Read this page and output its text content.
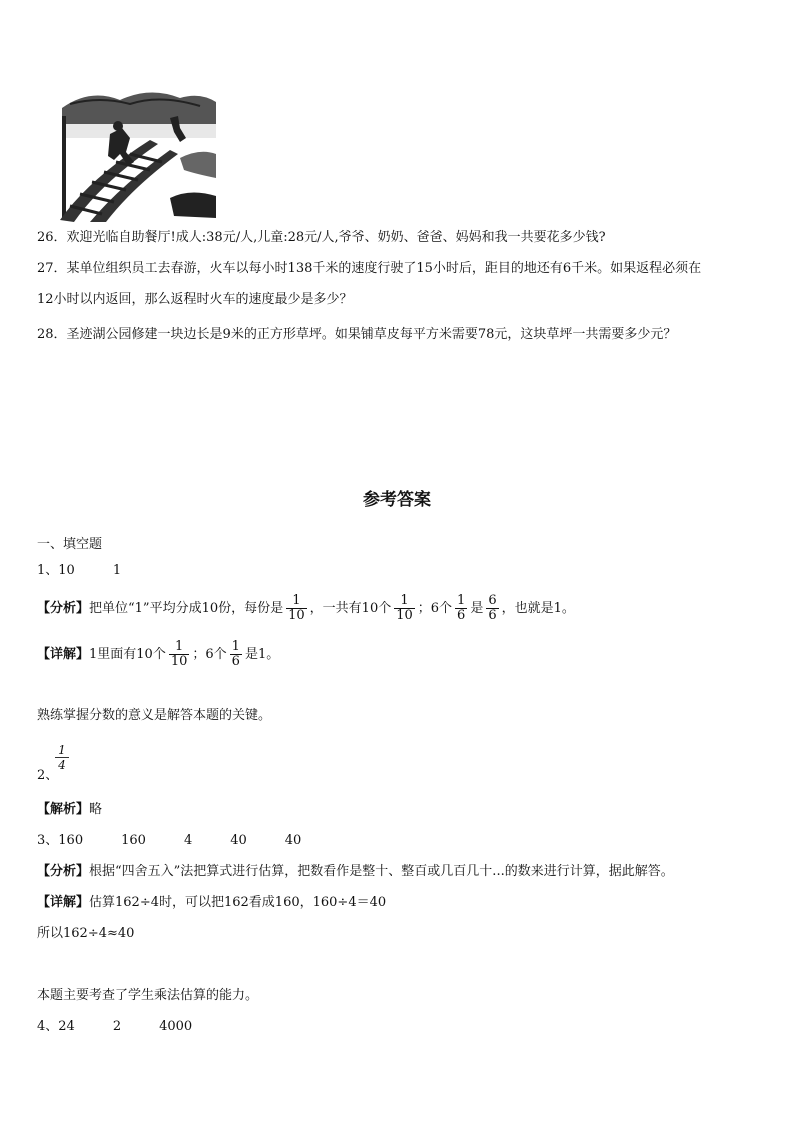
26．欢迎光临自助餐厅!成人:38元/人,儿童:28元/人,爷爷、奶奶、爸爸、妈妈和我一共要花多少钱?
27．某单位组织员工去春游，火车以每小时138千米的速度行驶了15小时后，距目的地还有6千米。如果返程必须在
12小时以内返回，那么返程时火车的速度最少是多少？
28．圣迹湖公园修建一块边长是9米的正方形草坪。如果铺草皮每平方米需要78元，这块草坪一共需要多少元？
参考答案
一、填空题
1、10	1
【分析】把单位“1”平均分成10份，每份是 $\frac{1}{10}$ ，一共有10个 $\frac{1}{10}$ ；6个 $\frac{1}{6}$ 是 $\frac{6}{6}$ ，也就是1。
【详解】1里面有10个 $\frac{1}{10}$ ；6个 $\frac{1}{6}$ 是1。
熟练掌握分数的意义是解答本题的关键。
$\frac{1}{4}$
2、
【解析】略
3、160	160	4	40	40
【分析】根据“四舍五入”法把算式进行估算，把数看作是整十、整百或几百几十...的数来进行计算，据此解答。
【详解】估算162÷4时，可以把162看成160，160÷4＝40
所以162÷4≈40
本题主要考查了学生乘法估算的能力。
4、24	2	4000
